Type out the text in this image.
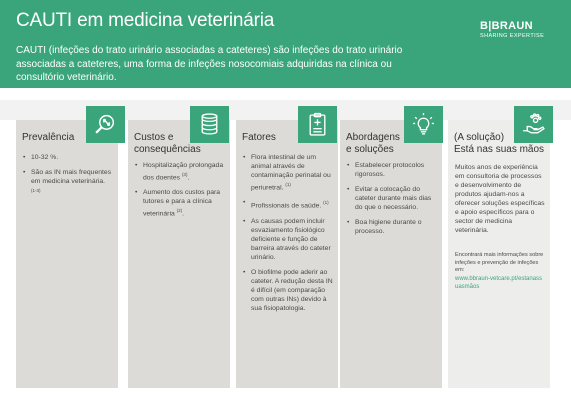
CAUTI em medicina veterinária
CAUTI (infeções do trato urinário associadas a cateteres) são infeções do trato urinário associadas a cateteres, uma forma de infeções nosocomiais adquiridas na clínica ou consultório veterinário.
B|BRAUN
SHARING EXPERTISE
Prevalência
• 10-32 %.
• São as IN mais frequentes em medicina veterinária.
$^{(1-3)}$
Custos e
consequências
• Hospitalização prolongada dos doentes $^{(3)}$.
• Aumento dos custos para tutores e para a clínica veterinária $^{(2)}$.
Fatores
• Flora intestinal de um animal através de contaminação perinatal ou periuretral. $^{(1)}$
• Profissionais de saúde. $^{(1)}$
• As causas podem incluir esvaziamento fisiológico deficiente e função de barreira através do cateter urinário.
• O biofilme pode aderir ao cateter. A redução desta IN é difícil (em comparação com outras INs) devido à sua fisiopatologia.
Abordagens
e soluções
• Estabelecer protocolos rigorosos.
• Evitar a colocação do cateter durante mais dias do que o necessário.
• Boa higiene durante o processo.
(A solução)
Está nas suas mãos
Muitos anos de experiência em consultoria de processos e desenvolvimento de produtos ajudam-nos a oferecer soluções específicas e apoio específicos para o sector de medicina veterinária.
Encontrará mais informações sobre infeções e prevenção de infeções em:
www.bbraun-vetcare.pt/estanassuasmãos
